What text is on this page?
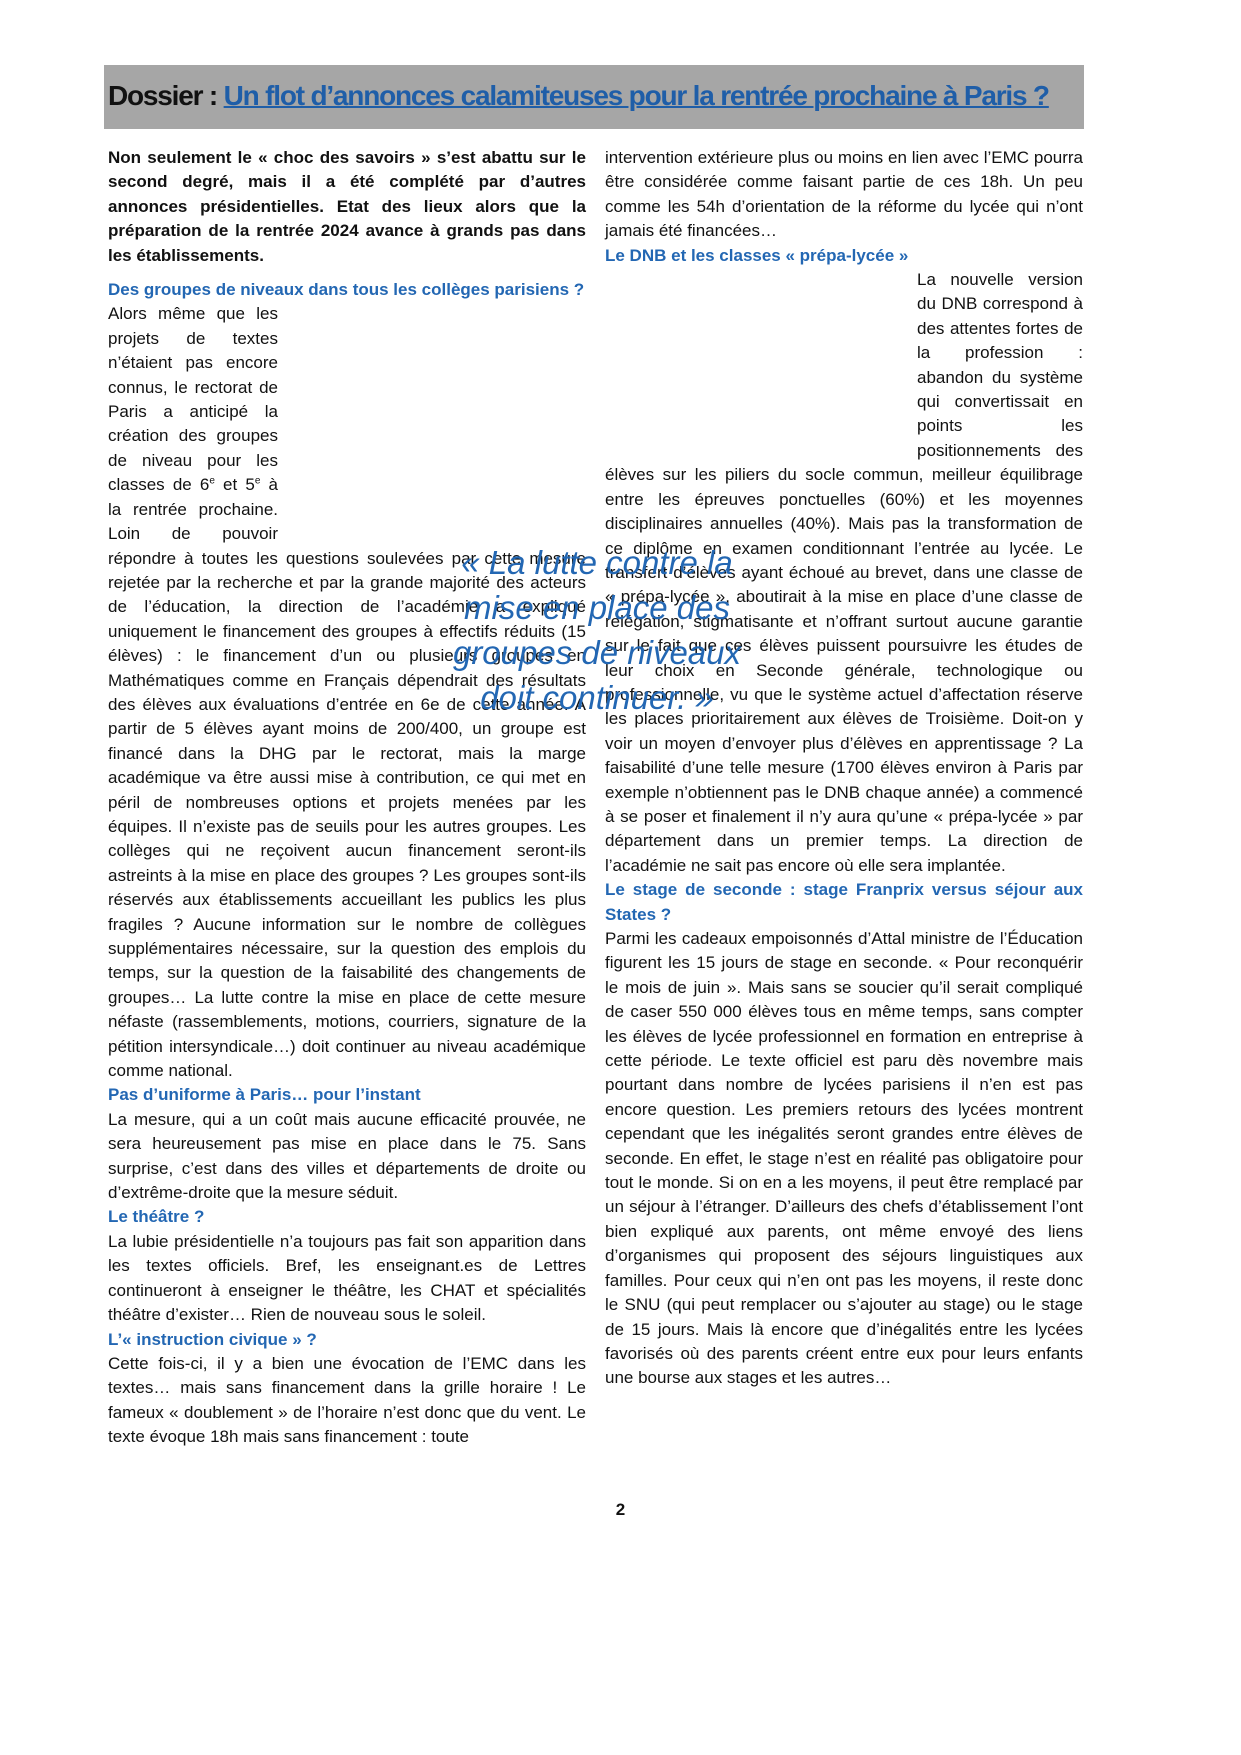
Dossier : Un flot d’annonces calamiteuses pour la rentrée prochaine à Paris ?

Non seulement le « choc des savoirs » s’est abattu sur le second degré, mais il a été complété par d’autres annonces présidentielles. Etat des lieux alors que la préparation de la rentrée 2024 avance à grands pas dans les établissements.

Des groupes de niveaux dans tous les collèges parisiens ?

Alors même que les projets de textes n’étaient pas encore connus, le rectorat de Paris a anticipé la création des groupes de niveau pour les classes de 6e et 5e à la rentrée prochaine. Loin de pouvoir répondre à toutes les questions soulevées par cette mesure rejetée par la recherche et par la grande majorité des acteurs de l’éducation, la direction de l’académie a expliqué uniquement le financement des groupes à effectifs réduits (15 élèves) : le financement d’un ou plusieurs groupes en Mathématiques comme en Français dépendrait des résultats des élèves aux évaluations d’entrée en 6e de cette année. A partir de 5 élèves ayant moins de 200/400, un groupe est financé dans la DHG par le rectorat, mais la marge académique va être aussi mise à contribution, ce qui met en péril de nombreuses options et projets menées par les équipes. Il n’existe pas de seuils pour les autres groupes. Les collèges qui ne reçoivent aucun financement seront-ils astreints à la mise en place des groupes ? Les groupes sont-ils réservés aux établissements accueillant les publics les plus fragiles ? Aucune information sur le nombre de collègues supplémentaires nécessaire, sur la question des emplois du temps, sur la question de la faisabilité des changements de groupes… La lutte contre la mise en place de cette mesure néfaste (rassemblements, motions, courriers, signature de la pétition intersyndicale…) doit continuer au niveau académique comme national.

Pas d’uniforme à Paris… pour l’instant

La mesure, qui a un coût mais aucune efficacité prouvée, ne sera heureusement pas mise en place dans le 75. Sans surprise, c’est dans des villes et départements de droite ou d’extrême-droite que la mesure séduit.

Le théâtre ?

La lubie présidentielle n’a toujours pas fait son apparition dans les textes officiels. Bref, les enseignant.es de Lettres continueront à enseigner le théâtre, les CHAT et spécialités théâtre d’exister… Rien de nouveau sous le soleil.

L’« instruction civique » ?

Cette fois-ci, il y a bien une évocation de l’EMC dans les textes… mais sans financement dans la grille horaire ! Le fameux « doublement » de l’horaire n’est donc que du vent. Le texte évoque 18h mais sans financement : toute

intervention extérieure plus ou moins en lien avec l’EMC pourra être considérée comme faisant partie de ces 18h. Un peu comme les 54h d’orientation de la réforme du lycée qui n’ont jamais été financées…

Le DNB et les classes « prépa-lycée »

La nouvelle version du DNB correspond à des attentes fortes de la profession : abandon du système qui convertissait en points les positionnements des élèves sur les piliers du socle commun, meilleur équilibrage entre les épreuves ponctuelles (60%) et les moyennes disciplinaires annuelles (40%). Mais pas la transformation de ce diplôme en examen conditionnant l’entrée au lycée. Le transfert d’élèves ayant échoué au brevet, dans une classe de « prépa-lycée », aboutirait à la mise en place d’une classe de relégation, stigmatisante et n’offrant surtout aucune garantie sur le fait que ces élèves puissent poursuivre les études de leur choix en Seconde générale, technologique ou professionnelle, vu que le système actuel d’affectation réserve les places prioritairement aux élèves de Troisième. Doit-on y voir un moyen d’envoyer plus d’élèves en apprentissage ? La faisabilité d’une telle mesure (1700 élèves environ à Paris par exemple n’obtiennent pas le DNB chaque année) a commencé à se poser et finalement il n’y aura qu’une « prépa-lycée » par département dans un premier temps. La direction de l’académie ne sait pas encore où elle sera implantée.

Le stage de seconde : stage Franprix versus séjour aux States ?

Parmi les cadeaux empoisonnés d’Attal ministre de l’Éducation figurent les 15 jours de stage en seconde. « Pour reconquérir le mois de juin ». Mais sans se soucier qu’il serait compliqué de caser 550 000 élèves tous en même temps, sans compter les élèves de lycée professionnel en formation en entreprise à cette période. Le texte officiel est paru dès novembre mais pourtant dans nombre de lycées parisiens il n’en est pas encore question. Les premiers retours des lycées montrent cependant que les inégalités seront grandes entre élèves de seconde. En effet, le stage n’est en réalité pas obligatoire pour tout le monde. Si on en a les moyens, il peut être remplacé par un séjour à l’étranger. D’ailleurs des chefs d’établissement l’ont bien expliqué aux parents, ont même envoyé des liens d’organismes qui proposent des séjours linguistiques aux familles. Pour ceux qui n’en ont pas les moyens, il reste donc le SNU (qui peut remplacer ou s’ajouter au stage) ou le stage de 15 jours. Mais là encore que d’inégalités entre les lycées favorisés où des parents créent entre eux pour leurs enfants une bourse aux stages et les autres…

« La lutte contre la mise en place des groupes de niveaux doit continuer. »
2
